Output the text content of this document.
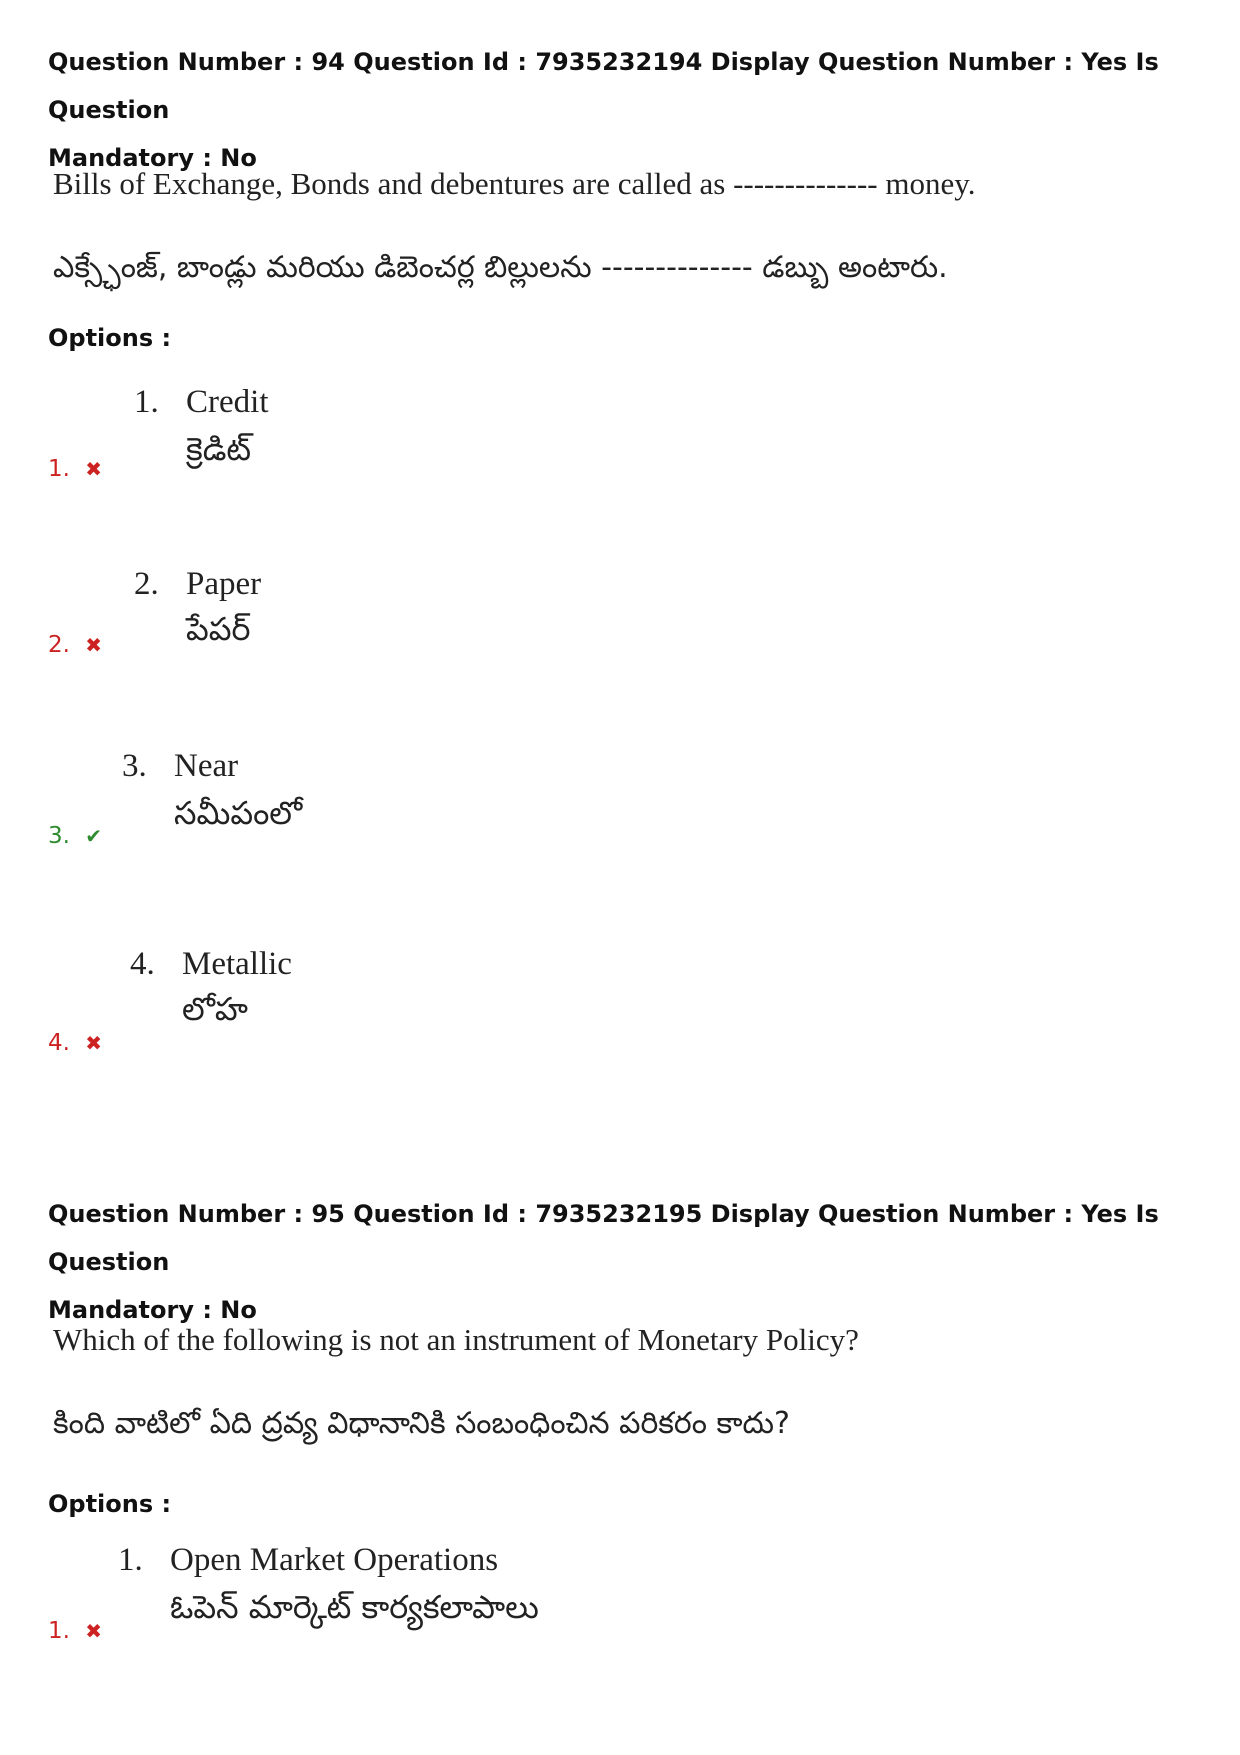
Question Number : 94 Question Id : 7935232194 Display Question Number : Yes Is Question
Mandatory : No
Bills of Exchange, Bonds and debentures are called as -------------- money.
ఎక్స్ఛేంజ్, బాండ్లు మరియు డిబెంచర్ల బిల్లులను -------------- డబ్బు అంటారు.
Options :
1. Credit
క్రెడిట్
1. ✖
2. Paper
పేపర్
2. ✖
3. Near
సమీపంలో
3. ✔
4. Metallic
లోహ
4. ✖
Question Number : 95 Question Id : 7935232195 Display Question Number : Yes Is Question
Mandatory : No
Which of the following is not an instrument of Monetary Policy?
కింది వాటిలో ఏది ద్రవ్య విధానానికి సంబంధించిన పరికరం కాదు?
Options :
1. Open Market Operations
ఓపెన్ మార్కెట్ కార్యకలాపాలు
1. ✖
